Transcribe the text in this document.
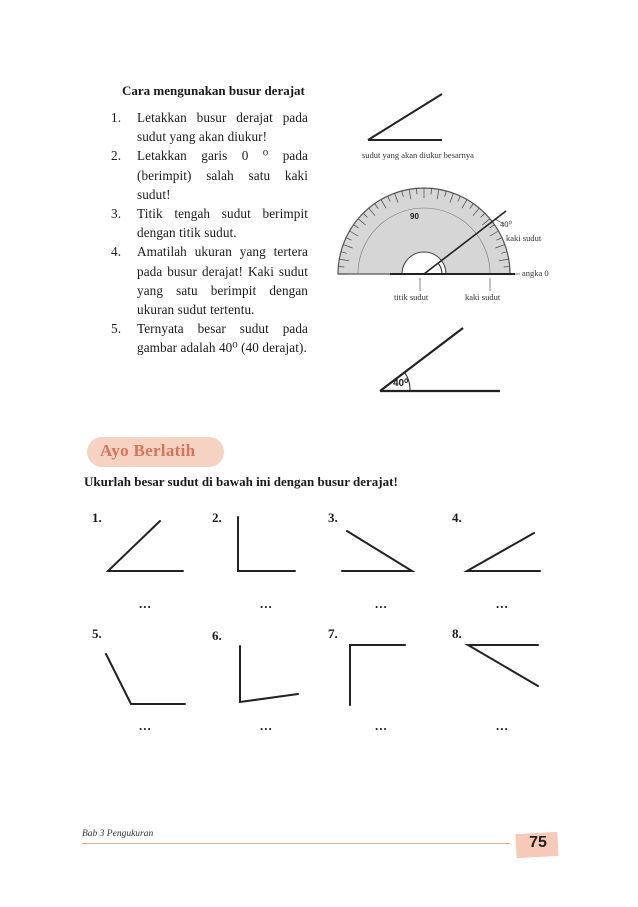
Cara mengunakan busur derajat
1. Letakkan busur derajat pada sudut yang akan diukur!
2. Letakkan garis 0 ⁰ pada (berimpit) salah satu kaki sudut!
3. Titik tengah sudut berimpit dengan titik sudut.
4. Amatilah ukuran yang tertera pada busur derajat! Kaki sudut yang satu berimpit dengan ukuran sudut tertentu.
5. Ternyata besar sudut pada gambar adalah 40⁰ (40 derajat).
sudut yang akan diukur besarnya
90
40⁰
kaki sudut
angka 0
titik sudut	kaki sudut
40⁰
Ayo Berlatih
Ukurlah besar sudut di bawah ini dengan busur derajat!
1.	2.	3.	4.
5.	6.	7.	8.
...	...	...	...
...	...	...	...
Bab 3 Pengukuran	75
